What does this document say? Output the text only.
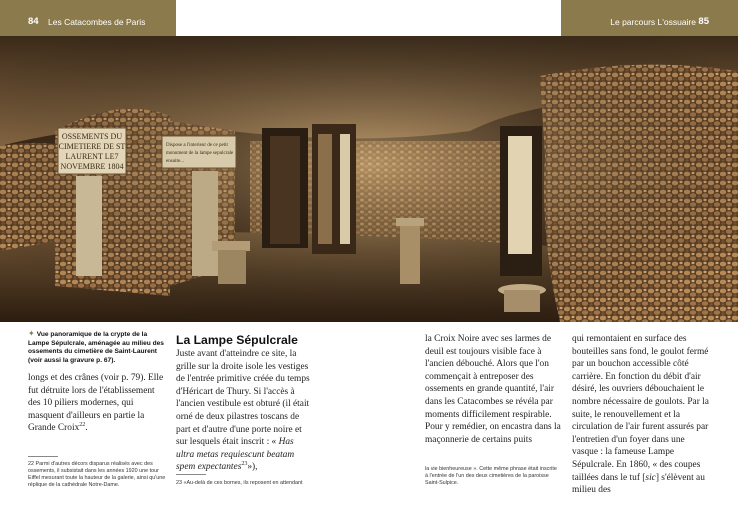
84 Les Catacombes de Paris	Le parcours L'ossuaire 85
OSSEMENTS DU
CIMETIERE DE ST
LAURENT LE7
NOVEMBRE 1804
Dispose a l'interieur de ce petit
monument de la lampe sepulcrale
ensuite...
✦ Vue panoramique de la crypte de la Lampe Sépulcrale, aménagée au milieu des ossements du cimetière de Saint-Laurent (voir aussi la gravure p. 67).

longs et des crânes (voir p. 79). Elle fut détruite lors de l'établissement des 10 piliers modernes, qui masquent d'ailleurs en partie la Grande Croix$^{22}$.

22 Parmi d'autres décors disparus réalisés avec des ossements, il subsistait dans les années 1920 une tour Eiffel mesurant toute la hauteur de la galerie, ainsi qu'une réplique de la cathédrale Notre-Dame.
La Lampe Sépulcrale

Juste avant d'atteindre ce site, la grille sur la droite isole les vestiges de l'entrée primitive créée du temps d'Héricart de Thury. Si l'accès à l'ancien vestibule est obturé (il était orné de deux pilastres toscans de part et d'autre d'une porte noire et sur lesquels était inscrit : « Has ultra metas requiescunt beatam spem expectantes$^{23}$»),

23 «Au-delà de ces bornes, ils reposent en attendant

la Croix Noire avec ses larmes de deuil est toujours visible face à l'ancien débouché. Alors que l'on commençait à entreposer des ossements en grande quantité, l'air dans les Catacombes se révéla par moments difficilement respirable. Pour y remédier, on encastra dans la maçonnerie de certains puits

la vie bienheureuse ». Cette même phrase était inscrite à l'entrée de l'un des deux cimetières de la paroisse Saint-Sulpice.

qui remontaient en surface des bouteilles sans fond, le goulot fermé par un bouchon accessible côté carrière. En fonction du débit d'air désiré, les ouvriers débouchaient le nombre nécessaire de goulots. Par la suite, le renouvellement et la circulation de l'air furent assurés par l'entretien d'un foyer dans une vasque : la fameuse Lampe Sépulcrale. En 1860, « des coupes taillées dans le tuf [sic] s'élèvent au milieu des
